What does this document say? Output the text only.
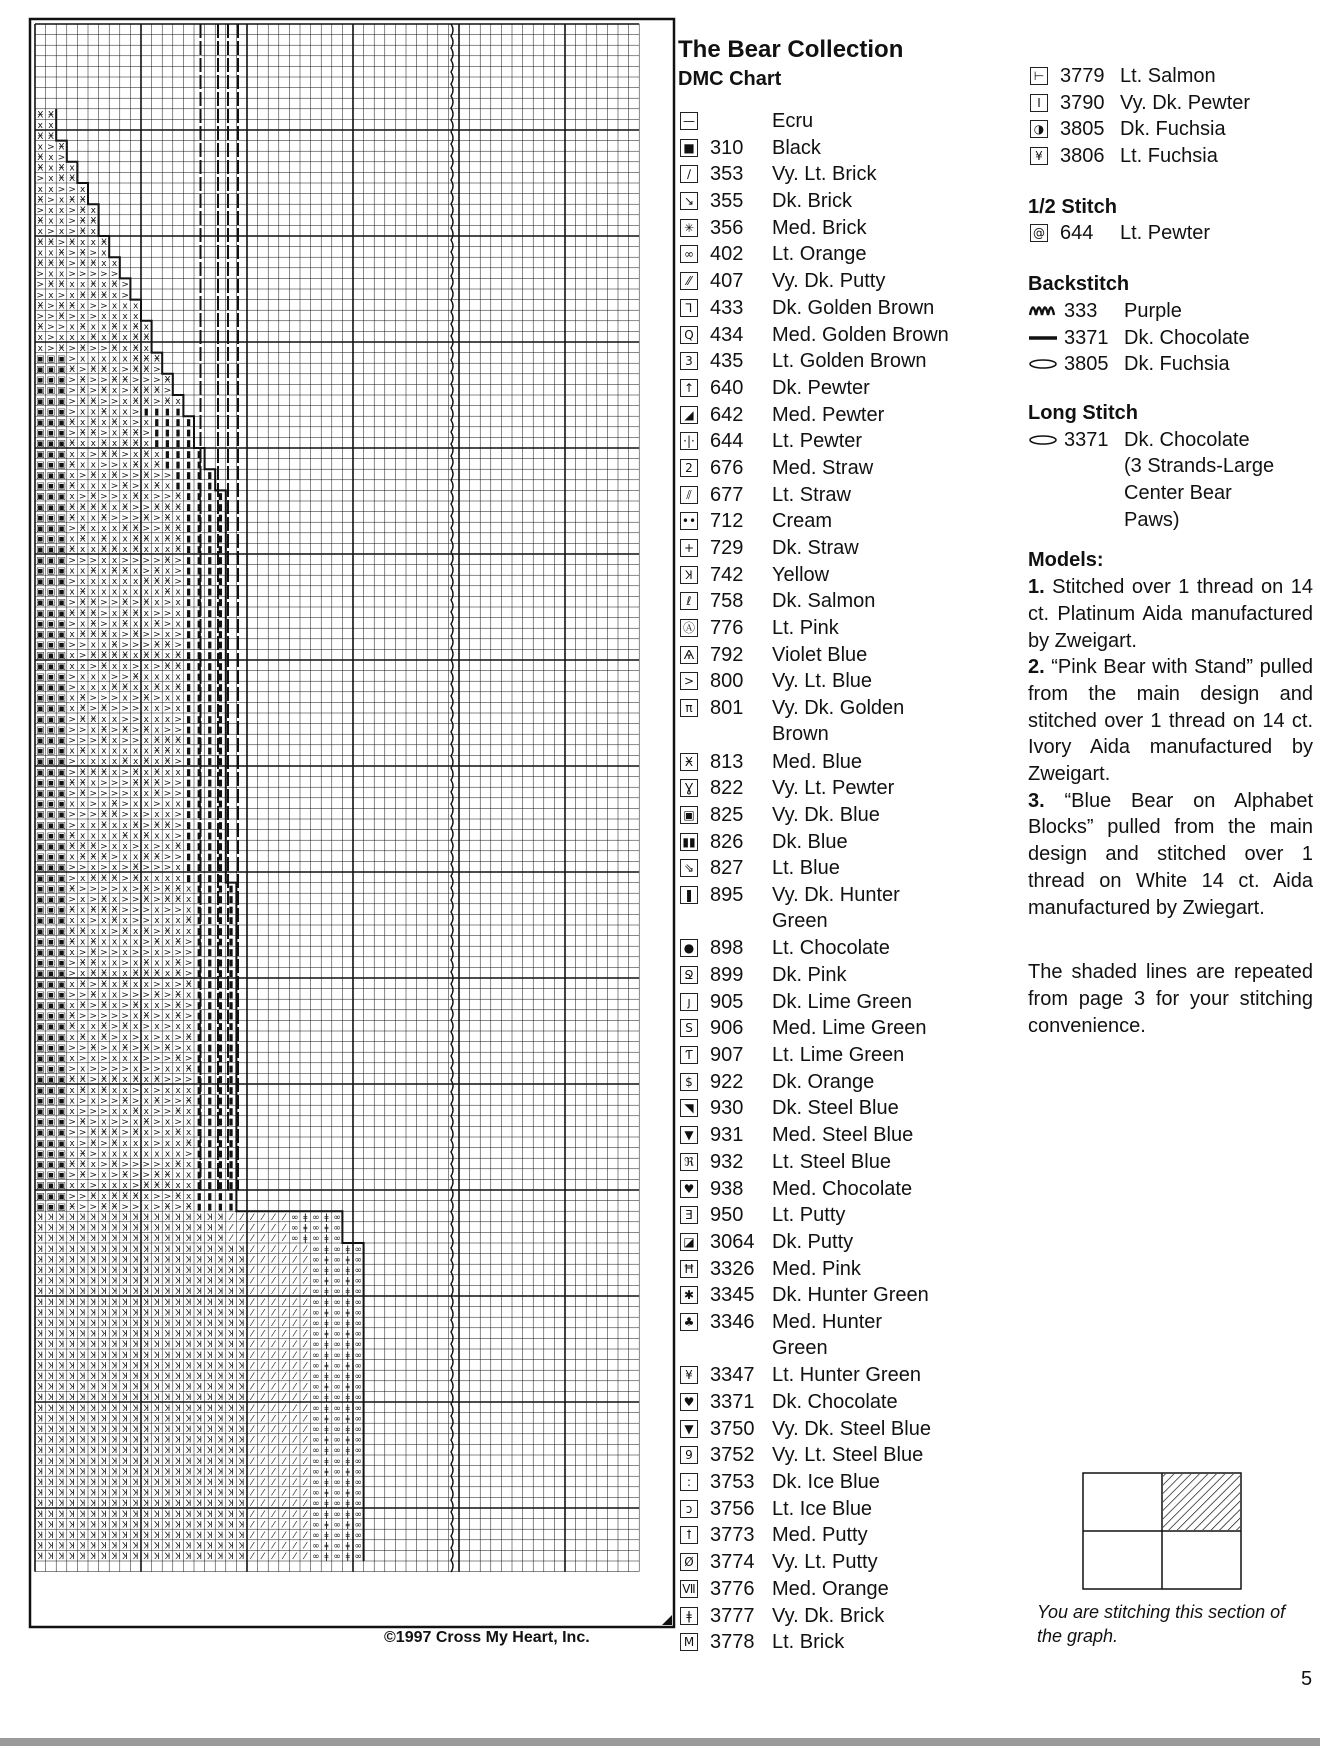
Ӿ Ӿ
x x
Ӿ Ӿ
x > Ӿ
Ӿ x >
Ӿ x Ӿ x
> x Ӿ Ӿ
x x > > x
Ӿ > x Ӿ Ӿ
> x x > Ӿ x
Ӿ x x > Ӿ Ӿ
x > x > Ӿ x
Ӿ Ӿ > Ӿ x x Ӿ
x x Ӿ > Ӿ > x
Ӿ Ӿ Ӿ > Ӿ Ӿ x x
> x x > > > > >
> Ӿ Ӿ x x Ӿ x Ӿ >
> x > x Ӿ Ӿ Ӿ x >
Ӿ > Ӿ Ӿ x > > x x x
> > Ӿ > x > x x x x
Ӿ > > x Ӿ x x Ӿ x Ӿ x
x > x x x Ӿ x Ӿ x Ӿ Ӿ
x > Ӿ > Ӿ > > Ӿ x Ӿ x
▣ ▣ ▣ > x x x x x Ӿ Ӿ Ӿ
▣ ▣ ▣ Ӿ > Ӿ Ӿ x > Ӿ Ӿ >
▣ ▣ ▣ > Ӿ > > Ӿ Ӿ > > > Ӿ
▣ ▣ ▣ > Ӿ > Ӿ x > Ӿ Ӿ Ӿ >
▣ ▣ ▣ > Ӿ Ӿ > > x Ӿ Ӿ > Ӿ x
▣ ▣ ▣ > x x Ӿ x x > ▮ ▮ ▮ ▮
▣ ▣ ▣ Ӿ x Ӿ x Ӿ x > x ▮ ▮ ▮ ▮
▣ ▣ ▣ > Ӿ Ӿ > x Ӿ Ӿ > ▮ ▮ ▮ ▮
▣ ▣ ▣ Ӿ x x Ӿ x Ӿ Ӿ x ▮ ▮ ▮ ▮
▣ ▣ ▣ x x > Ӿ Ӿ > x Ӿ x ▮ ▮ ▮ ▮
▣ ▣ ▣ Ӿ x x > > x Ӿ x Ӿ ▮ ▮ ▮ ▮
▣ ▣ ▣ x > Ӿ x Ӿ > > Ӿ > > ▮ ▮ ▮ ▮
▣ ▣ ▣ Ӿ x x x > Ӿ > x Ӿ x ▮ ▮ ▮ ▮
▣ ▣ ▣ x > Ӿ > > x Ӿ x > > Ӿ ▮ ▮ ▮ ▮
▣ ▣ ▣ Ӿ Ӿ Ӿ Ӿ x Ӿ > > Ӿ Ӿ Ӿ ▮ ▮ ▮ ▮
▣ ▣ ▣ Ӿ x x Ӿ > > > Ӿ > Ӿ x ▮ ▮ ▮ ▮
▣ ▣ ▣ > Ӿ x x x Ӿ Ӿ > > Ӿ Ӿ ▮ ▮ ▮ ▮
▣ ▣ ▣ x Ӿ x Ӿ x x Ӿ Ӿ x Ӿ Ӿ ▮ ▮ ▮ ▮
▣ ▣ ▣ Ӿ x x Ӿ Ӿ x Ӿ x x x Ӿ ▮ ▮ ▮ ▮
▣ ▣ ▣ > > > x x > > > > Ӿ > ▮ ▮ ▮ ▮
▣ ▣ ▣ x x Ӿ x Ӿ Ӿ x > Ӿ x > ▮ ▮ ▮ ▮
▣ ▣ ▣ > x x x x x x Ӿ Ӿ Ӿ > ▮ ▮ ▮ ▮
▣ ▣ ▣ x Ӿ x x x x x x x Ӿ x ▮ ▮ ▮ ▮
▣ ▣ ▣ > Ӿ Ӿ > > Ӿ > Ӿ x > x ▮ ▮ ▮ ▮
▣ ▣ ▣ Ӿ Ӿ Ӿ > x Ӿ Ӿ x > > x ▮ ▮ ▮ ▮
▣ ▣ ▣ > x Ӿ > x Ӿ x x Ӿ > x ▮ ▮ ▮ ▮
▣ ▣ ▣ x Ӿ Ӿ Ӿ x > Ӿ > > x > ▮ ▮ ▮ ▮
▣ ▣ ▣ > > x x Ӿ > > > Ӿ Ӿ > ▮ ▮ ▮ ▮
▣ ▣ ▣ x > Ӿ Ӿ Ӿ Ӿ x Ӿ Ӿ x Ӿ ▮ ▮ ▮ ▮
▣ ▣ ▣ x x > Ӿ x x > x > Ӿ Ӿ ▮ ▮ ▮ ▮
▣ ▣ ▣ > x x x > > Ӿ x x x x ▮ ▮ ▮ ▮
▣ ▣ ▣ > x x x Ӿ Ӿ x x Ӿ x Ӿ ▮ ▮ ▮ ▮
▣ ▣ ▣ x Ӿ > > > x > Ӿ > x x ▮ ▮ ▮ ▮
▣ ▣ ▣ x Ӿ > Ӿ > > > x x > x ▮ ▮ ▮ ▮
▣ ▣ ▣ > Ӿ Ӿ x x > > x x x > ▮ ▮ ▮ ▮
▣ ▣ ▣ > > x Ӿ > Ӿ > Ӿ x > > ▮ ▮ ▮ ▮
▣ ▣ ▣ > > > Ӿ x > > x Ӿ Ӿ Ӿ ▮ ▮ ▮ ▮
▣ ▣ ▣ x Ӿ x x x x x x Ӿ Ӿ x ▮ ▮ ▮ ▮
▣ ▣ ▣ > x x x x Ӿ x Ӿ x Ӿ > ▮ ▮ ▮ ▮
▣ ▣ ▣ > Ӿ Ӿ Ӿ x > Ӿ x Ӿ x x ▮ ▮ ▮ ▮
▣ ▣ ▣ Ӿ Ӿ x > > > Ӿ Ӿ Ӿ > > ▮ ▮ ▮ ▮
▣ ▣ ▣ > Ӿ > > > > x x Ӿ > > ▮ ▮ ▮ ▮
▣ ▣ ▣ x x > x Ӿ > x x > x x ▮ ▮ ▮ ▮
▣ ▣ ▣ > > > Ӿ Ӿ > x > x x > ▮ ▮ ▮ ▮
▣ ▣ ▣ > x x Ӿ x x Ӿ > Ӿ Ӿ > ▮ ▮ ▮ ▮
▣ ▣ ▣ Ӿ x x x x Ӿ x Ӿ x x > ▮ ▮ ▮ ▮
▣ ▣ ▣ Ӿ Ӿ Ӿ > x x > x > x Ӿ ▮ ▮ ▮ ▮
▣ ▣ ▣ x Ӿ Ӿ Ӿ > x x Ӿ Ӿ > > ▮ ▮ ▮ ▮
▣ ▣ ▣ > > x > x > Ӿ > > > x ▮ ▮ ▮ ▮
▣ ▣ ▣ > x Ӿ Ӿ Ӿ > Ӿ x x x x ▮ ▮ ▮ ▮
▣ ▣ ▣ Ӿ > > > > x > Ӿ > Ӿ Ӿ x ▮ ▮ ▮ ▮
▣ ▣ ▣ > x > Ӿ x > > Ӿ > Ӿ Ӿ x ▮ ▮ ▮ ▮
▣ ▣ ▣ Ӿ x Ӿ Ӿ Ӿ > > > x > > x ▮ ▮ ▮ ▮
▣ ▣ ▣ x x > x Ӿ x > > x x x Ӿ ▮ ▮ ▮ ▮
▣ ▣ ▣ Ӿ Ӿ x x > Ӿ x Ӿ > Ӿ x x ▮ ▮ ▮ ▮
▣ ▣ ▣ Ӿ x Ӿ x x x x > Ӿ x Ӿ > ▮ ▮ ▮ ▮
▣ ▣ ▣ x > Ӿ > > x > > x > > > ▮ ▮ ▮ ▮
▣ ▣ ▣ > Ӿ Ӿ x x > x Ӿ x x Ӿ > ▮ ▮ ▮ ▮
▣ ▣ ▣ > x Ӿ Ӿ x x Ӿ Ӿ Ӿ x Ӿ > ▮ ▮ ▮ ▮
▣ ▣ ▣ x Ӿ > Ӿ x Ӿ x x > x > Ӿ ▮ ▮ ▮ ▮
▣ ▣ ▣ > > Ӿ x x > > > Ӿ > Ӿ x ▮ ▮ ▮ ▮
▣ ▣ ▣ x Ӿ > Ӿ x > Ӿ x x > Ӿ > ▮ ▮ ▮ ▮
▣ ▣ ▣ Ӿ > > > > > x Ӿ > x Ӿ > ▮ ▮ ▮ ▮
▣ ▣ ▣ Ӿ x x Ӿ > Ӿ x > x > x x ▮ ▮ ▮ ▮
▣ ▣ ▣ x Ӿ x Ӿ > x > x > x > Ӿ ▮ ▮ ▮ ▮
▣ ▣ ▣ > > Ӿ > x Ӿ > Ӿ > Ӿ > x ▮ ▮ ▮ ▮
▣ ▣ ▣ x > x > x x x > > > Ӿ > ▮ ▮ ▮ ▮
▣ ▣ ▣ > x > > > > x > > x x Ӿ ▮ ▮ ▮ ▮
▣ ▣ ▣ Ӿ Ӿ > Ӿ Ӿ x Ӿ x Ӿ > > > ▮ ▮ ▮ ▮
▣ ▣ ▣ x Ӿ x Ӿ x x > x > x x x ▮ ▮ ▮ ▮
▣ ▣ ▣ x > x > > Ӿ > x Ӿ > > Ӿ ▮ ▮ ▮ ▮
▣ ▣ ▣ x > > > x x Ӿ x > > Ӿ x ▮ ▮ ▮ ▮
▣ ▣ ▣ > Ӿ > x > > x Ӿ > x > x ▮ ▮ ▮ ▮
▣ ▣ ▣ > > Ӿ Ӿ Ӿ > Ӿ x > x Ӿ x ▮ ▮ ▮ ▮
▣ ▣ ▣ x > Ӿ > Ӿ x x x > x x Ӿ ▮ ▮ ▮ ▮
▣ ▣ ▣ x Ӿ > x x x x x x x x > ▮ ▮ ▮ ▮
▣ ▣ ▣ Ӿ Ӿ x > Ӿ > > > > x Ӿ x ▮ ▮ ▮ ▮
▣ ▣ ▣ > Ӿ > x > Ӿ > > Ӿ Ӿ x x ▮ ▮ ▮ ▮
▣ ▣ ▣ x x > x x x > Ӿ Ӿ Ӿ x x ▮ ▮ ▮ ▮
▣ ▣ ▣ > > Ӿ x Ӿ Ӿ Ӿ x > > Ӿ x ▮ ▮ ▮ ▮
▣ ▣ ▣ Ӿ > > Ӿ Ӿ > > x > Ӿ > Ӿ ▮ ▮ ▮ ▮
Ʞ Ʞ Ʞ Ʞ Ʞ Ʞ Ʞ Ʞ Ʞ Ʞ Ʞ Ʞ Ʞ Ʞ Ʞ Ʞ Ʞ Ʞ ⁄ ⁄ ⁄ ⁄ ⁄ ⁄ ∞ ǂ ∞ ǂ ∞
Ʞ Ʞ Ʞ Ʞ Ʞ Ʞ Ʞ Ʞ Ʞ Ʞ Ʞ Ʞ Ʞ Ʞ Ʞ Ʞ Ʞ Ʞ ⁄ ⁄ ⁄ ⁄ ⁄ ⁄ ∞ ǂ ∞ ǂ ∞
Ʞ Ʞ Ʞ Ʞ Ʞ Ʞ Ʞ Ʞ Ʞ Ʞ Ʞ Ʞ Ʞ Ʞ Ʞ Ʞ Ʞ Ʞ ⁄ ⁄ ⁄ ⁄ ⁄ ⁄ ∞ ǂ ∞ ǂ ∞
Ʞ Ʞ Ʞ Ʞ Ʞ Ʞ Ʞ Ʞ Ʞ Ʞ Ʞ Ʞ Ʞ Ʞ Ʞ Ʞ Ʞ Ʞ Ʞ Ʞ ⁄ ⁄ ⁄ ⁄ ⁄ ⁄ ∞ ǂ ∞ ǂ ∞
Ʞ Ʞ Ʞ Ʞ Ʞ Ʞ Ʞ Ʞ Ʞ Ʞ Ʞ Ʞ Ʞ Ʞ Ʞ Ʞ Ʞ Ʞ Ʞ Ʞ ⁄ ⁄ ⁄ ⁄ ⁄ ⁄ ∞ ǂ ∞ ǂ ∞
Ʞ Ʞ Ʞ Ʞ Ʞ Ʞ Ʞ Ʞ Ʞ Ʞ Ʞ Ʞ Ʞ Ʞ Ʞ Ʞ Ʞ Ʞ Ʞ Ʞ ⁄ ⁄ ⁄ ⁄ ⁄ ⁄ ∞ ǂ ∞ ǂ ∞
Ʞ Ʞ Ʞ Ʞ Ʞ Ʞ Ʞ Ʞ Ʞ Ʞ Ʞ Ʞ Ʞ Ʞ Ʞ Ʞ Ʞ Ʞ Ʞ Ʞ ⁄ ⁄ ⁄ ⁄ ⁄ ⁄ ∞ ǂ ∞ ǂ ∞
Ʞ Ʞ Ʞ Ʞ Ʞ Ʞ Ʞ Ʞ Ʞ Ʞ Ʞ Ʞ Ʞ Ʞ Ʞ Ʞ Ʞ Ʞ Ʞ Ʞ ⁄ ⁄ ⁄ ⁄ ⁄ ⁄ ∞ ǂ ∞ ǂ ∞
Ʞ Ʞ Ʞ Ʞ Ʞ Ʞ Ʞ Ʞ Ʞ Ʞ Ʞ Ʞ Ʞ Ʞ Ʞ Ʞ Ʞ Ʞ Ʞ Ʞ ⁄ ⁄ ⁄ ⁄ ⁄ ⁄ ∞ ǂ ∞ ǂ ∞
Ʞ Ʞ Ʞ Ʞ Ʞ Ʞ Ʞ Ʞ Ʞ Ʞ Ʞ Ʞ Ʞ Ʞ Ʞ Ʞ Ʞ Ʞ Ʞ Ʞ ⁄ ⁄ ⁄ ⁄ ⁄ ⁄ ∞ ǂ ∞ ǂ ∞
Ʞ Ʞ Ʞ Ʞ Ʞ Ʞ Ʞ Ʞ Ʞ Ʞ Ʞ Ʞ Ʞ Ʞ Ʞ Ʞ Ʞ Ʞ Ʞ Ʞ ⁄ ⁄ ⁄ ⁄ ⁄ ⁄ ∞ ǂ ∞ ǂ ∞
Ʞ Ʞ Ʞ Ʞ Ʞ Ʞ Ʞ Ʞ Ʞ Ʞ Ʞ Ʞ Ʞ Ʞ Ʞ Ʞ Ʞ Ʞ Ʞ Ʞ ⁄ ⁄ ⁄ ⁄ ⁄ ⁄ ∞ ǂ ∞ ǂ ∞
Ʞ Ʞ Ʞ Ʞ Ʞ Ʞ Ʞ Ʞ Ʞ Ʞ Ʞ Ʞ Ʞ Ʞ Ʞ Ʞ Ʞ Ʞ Ʞ Ʞ ⁄ ⁄ ⁄ ⁄ ⁄ ⁄ ∞ ǂ ∞ ǂ ∞
Ʞ Ʞ Ʞ Ʞ Ʞ Ʞ Ʞ Ʞ Ʞ Ʞ Ʞ Ʞ Ʞ Ʞ Ʞ Ʞ Ʞ Ʞ Ʞ Ʞ ⁄ ⁄ ⁄ ⁄ ⁄ ⁄ ∞ ǂ ∞ ǂ ∞
Ʞ Ʞ Ʞ Ʞ Ʞ Ʞ Ʞ Ʞ Ʞ Ʞ Ʞ Ʞ Ʞ Ʞ Ʞ Ʞ Ʞ Ʞ Ʞ Ʞ ⁄ ⁄ ⁄ ⁄ ⁄ ⁄ ∞ ǂ ∞ ǂ ∞
Ʞ Ʞ Ʞ Ʞ Ʞ Ʞ Ʞ Ʞ Ʞ Ʞ Ʞ Ʞ Ʞ Ʞ Ʞ Ʞ Ʞ Ʞ Ʞ Ʞ ⁄ ⁄ ⁄ ⁄ ⁄ ⁄ ∞ ǂ ∞ ǂ ∞
Ʞ Ʞ Ʞ Ʞ Ʞ Ʞ Ʞ Ʞ Ʞ Ʞ Ʞ Ʞ Ʞ Ʞ Ʞ Ʞ Ʞ Ʞ Ʞ Ʞ ⁄ ⁄ ⁄ ⁄ ⁄ ⁄ ∞ ǂ ∞ ǂ ∞
Ʞ Ʞ Ʞ Ʞ Ʞ Ʞ Ʞ Ʞ Ʞ Ʞ Ʞ Ʞ Ʞ Ʞ Ʞ Ʞ Ʞ Ʞ Ʞ Ʞ ⁄ ⁄ ⁄ ⁄ ⁄ ⁄ ∞ ǂ ∞ ǂ ∞
Ʞ Ʞ Ʞ Ʞ Ʞ Ʞ Ʞ Ʞ Ʞ Ʞ Ʞ Ʞ Ʞ Ʞ Ʞ Ʞ Ʞ Ʞ Ʞ Ʞ ⁄ ⁄ ⁄ ⁄ ⁄ ⁄ ∞ ǂ ∞ ǂ ∞
Ʞ Ʞ Ʞ Ʞ Ʞ Ʞ Ʞ Ʞ Ʞ Ʞ Ʞ Ʞ Ʞ Ʞ Ʞ Ʞ Ʞ Ʞ Ʞ Ʞ ⁄ ⁄ ⁄ ⁄ ⁄ ⁄ ∞ ǂ ∞ ǂ ∞
Ʞ Ʞ Ʞ Ʞ Ʞ Ʞ Ʞ Ʞ Ʞ Ʞ Ʞ Ʞ Ʞ Ʞ Ʞ Ʞ Ʞ Ʞ Ʞ Ʞ ⁄ ⁄ ⁄ ⁄ ⁄ ⁄ ∞ ǂ ∞ ǂ ∞
Ʞ Ʞ Ʞ Ʞ Ʞ Ʞ Ʞ Ʞ Ʞ Ʞ Ʞ Ʞ Ʞ Ʞ Ʞ Ʞ Ʞ Ʞ Ʞ Ʞ ⁄ ⁄ ⁄ ⁄ ⁄ ⁄ ∞ ǂ ∞ ǂ ∞
Ʞ Ʞ Ʞ Ʞ Ʞ Ʞ Ʞ Ʞ Ʞ Ʞ Ʞ Ʞ Ʞ Ʞ Ʞ Ʞ Ʞ Ʞ Ʞ Ʞ ⁄ ⁄ ⁄ ⁄ ⁄ ⁄ ∞ ǂ ∞ ǂ ∞
Ʞ Ʞ Ʞ Ʞ Ʞ Ʞ Ʞ Ʞ Ʞ Ʞ Ʞ Ʞ Ʞ Ʞ Ʞ Ʞ Ʞ Ʞ Ʞ Ʞ ⁄ ⁄ ⁄ ⁄ ⁄ ⁄ ∞ ǂ ∞ ǂ ∞
Ʞ Ʞ Ʞ Ʞ Ʞ Ʞ Ʞ Ʞ Ʞ Ʞ Ʞ Ʞ Ʞ Ʞ Ʞ Ʞ Ʞ Ʞ Ʞ Ʞ ⁄ ⁄ ⁄ ⁄ ⁄ ⁄ ∞ ǂ ∞ ǂ ∞
Ʞ Ʞ Ʞ Ʞ Ʞ Ʞ Ʞ Ʞ Ʞ Ʞ Ʞ Ʞ Ʞ Ʞ Ʞ Ʞ Ʞ Ʞ Ʞ Ʞ ⁄ ⁄ ⁄ ⁄ ⁄ ⁄ ∞ ǂ ∞ ǂ ∞
Ʞ Ʞ Ʞ Ʞ Ʞ Ʞ Ʞ Ʞ Ʞ Ʞ Ʞ Ʞ Ʞ Ʞ Ʞ Ʞ Ʞ Ʞ Ʞ Ʞ ⁄ ⁄ ⁄ ⁄ ⁄ ⁄ ∞ ǂ ∞ ǂ ∞
Ʞ Ʞ Ʞ Ʞ Ʞ Ʞ Ʞ Ʞ Ʞ Ʞ Ʞ Ʞ Ʞ Ʞ Ʞ Ʞ Ʞ Ʞ Ʞ Ʞ ⁄ ⁄ ⁄ ⁄ ⁄ ⁄ ∞ ǂ ∞ ǂ ∞
Ʞ Ʞ Ʞ Ʞ Ʞ Ʞ Ʞ Ʞ Ʞ Ʞ Ʞ Ʞ Ʞ Ʞ Ʞ Ʞ Ʞ Ʞ Ʞ Ʞ ⁄ ⁄ ⁄ ⁄ ⁄ ⁄ ∞ ǂ ∞ ǂ ∞
Ʞ Ʞ Ʞ Ʞ Ʞ Ʞ Ʞ Ʞ Ʞ Ʞ Ʞ Ʞ Ʞ Ʞ Ʞ Ʞ Ʞ Ʞ Ʞ Ʞ ⁄ ⁄ ⁄ ⁄ ⁄ ⁄ ∞ ǂ ∞ ǂ ∞
Ʞ Ʞ Ʞ Ʞ Ʞ Ʞ Ʞ Ʞ Ʞ Ʞ Ʞ Ʞ Ʞ Ʞ Ʞ Ʞ Ʞ Ʞ Ʞ Ʞ ⁄ ⁄ ⁄ ⁄ ⁄ ⁄ ∞ ǂ ∞ ǂ ∞
Ʞ Ʞ Ʞ Ʞ Ʞ Ʞ Ʞ Ʞ Ʞ Ʞ Ʞ Ʞ Ʞ Ʞ Ʞ Ʞ Ʞ Ʞ Ʞ Ʞ ⁄ ⁄ ⁄ ⁄ ⁄ ⁄ ∞ ǂ ∞ ǂ ∞
Ʞ Ʞ Ʞ Ʞ Ʞ Ʞ Ʞ Ʞ Ʞ Ʞ Ʞ Ʞ Ʞ Ʞ Ʞ Ʞ Ʞ Ʞ Ʞ Ʞ ⁄ ⁄ ⁄ ⁄ ⁄ ⁄ ∞ ǂ ∞ ǂ ∞
©1997 Cross My Heart, Inc.
The Bear Collection
DMC Chart
—	Ecru
■ 310	Black
∕ 353	Vy. Lt. Brick
↘ 355	Dk. Brick
✳ 356	Med. Brick
∞ 402	Lt. Orange
⁄⁄ 407	Vy. Dk. Putty
⅂ 433	Dk. Golden Brown
Q 434	Med. Golden Brown
3 435	Lt. Golden Brown
↑ 640	Dk. Pewter
◢ 642	Med. Pewter
·|· 644	Lt. Pewter
2 676	Med. Straw
⫽ 677	Lt. Straw
•• 712	Cream
+ 729	Dk. Straw
Ʞ 742	Yellow
ℓ 758	Dk. Salmon
Ⓐ 776	Lt. Pink
Ѧ 792	Violet Blue
> 800	Vy. Lt. Blue
π 801	Vy. Dk. Golden Brown
Ӿ 813	Med. Blue
Ɣ 822	Vy. Lt. Pewter
▣ 825	Vy. Dk. Blue
▮▮ 826	Dk. Blue
⇘ 827	Lt. Blue
❚ 895	Vy. Dk. Hunter Green
● 898	Lt. Chocolate
Ջ 899	Dk. Pink
ȷ 905	Dk. Lime Green
S 906	Med. Lime Green
Ƭ 907	Lt. Lime Green
$ 922	Dk. Orange
◥ 930	Dk. Steel Blue
▼ 931	Med. Steel Blue
ℜ 932	Lt. Steel Blue
♥ 938	Med. Chocolate
Ǝ 950	Lt. Putty
◪ 3064 Dk. Putty
Ħ 3326 Med. Pink
✱ 3345 Dk. Hunter Green
♣ 3346 Med. Hunter Green
¥ 3347 Lt. Hunter Green
♥ 3371 Dk. Chocolate
▼ 3750 Vy. Dk. Steel Blue
9 3752 Vy. Lt. Steel Blue
: 3753 Dk. Ice Blue
ɔ 3756 Lt. Ice Blue
ꝉ 3773 Med. Putty
Ø 3774 Vy. Lt. Putty
Ⅶ 3776 Med. Orange
ǂ 3777 Vy. Dk. Brick
M 3778 Lt. Brick
⊢ 3779 Lt. Salmon
I 3790 Vy. Dk. Pewter
◑ 3805 Dk. Fuchsia
¥ 3806 Lt. Fuchsia
1/2 Stitch
@ 644	Lt. Pewter
Backstitch
333	Purple
3371 Dk. Chocolate
3805 Dk. Fuchsia
Long Stitch
3371 Dk. Chocolate
(3 Strands-Large
Center Bear
Paws)
Models:

1. Stitched over 1 thread on 14 ct. Platinum Aida manufactured by Zweigart.

2. “Pink Bear with Stand” pulled from the main design and stitched over 1 thread on 14 ct. Ivory Aida manufactured by Zweigart.

3. “Blue Bear on Alphabet Blocks” pulled from the main design and stitched over 1 thread on White 14 ct. Aida manufactured by Zwiegart.

The shaded lines are repeated from page 3 for your stitching convenience.
You are stitching this section of the graph.
5
